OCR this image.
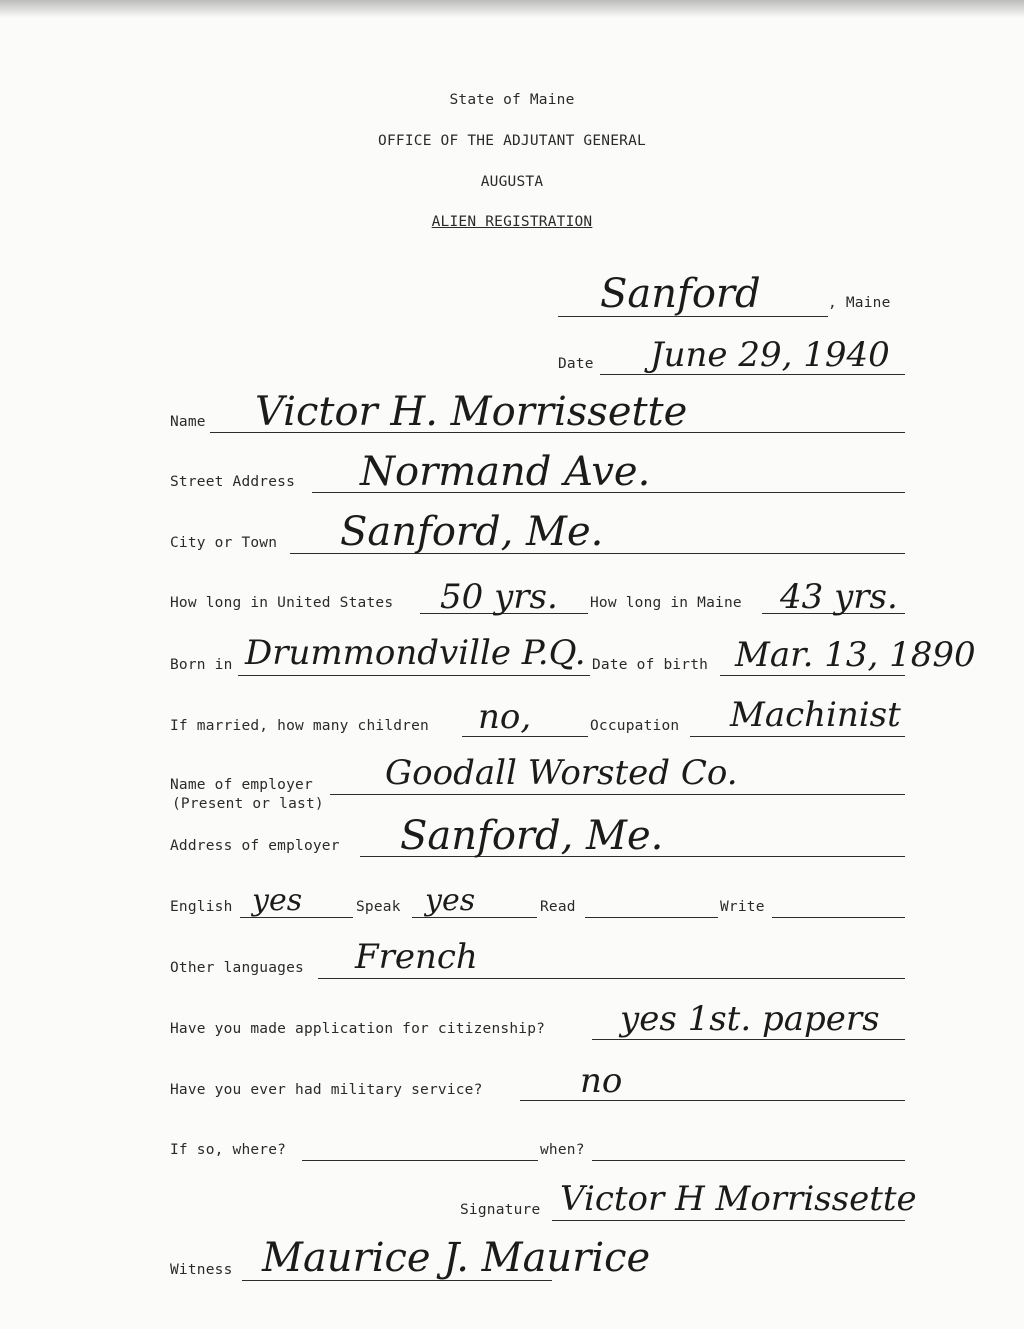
State of Maine
OFFICE OF THE ADJUTANT GENERAL
AUGUSTA
ALIEN REGISTRATION
Sanford	, Maine
Date June 29, 1940
Name Victor H. Morrissette
Street Address Normand Ave.
City or Town Sanford, Me.
How long in United States 50 yrs. How long in Maine 43 yrs.
Born in Drummondville P.Q. Date of birth Mar. 13, 1890
If married, how many children no,	Occupation Machinist
Name of employer
(Present or last)
Goodall Worsted Co.
Address of employer Sanford, Me.
English yes	Speak yes	Read	Write
Other languages French
Have you made application for citizenship? yes 1st. papers
Have you ever had military service?	no
If so, where?	when?
Signature Victor H Morrissette
Witness Maurice J. Maurice
